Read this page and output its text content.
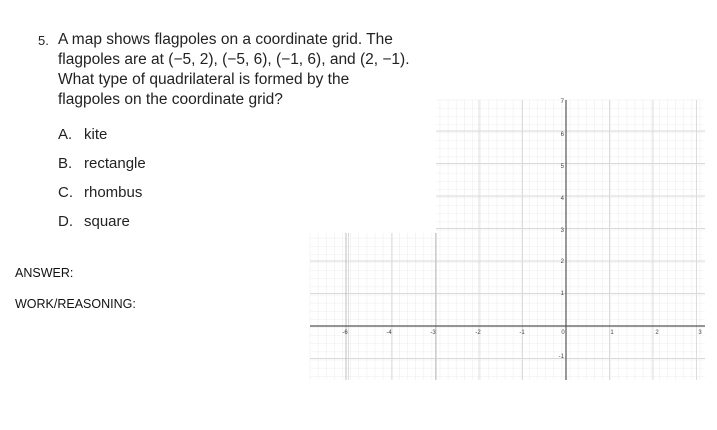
5. A map shows flagpoles on a coordinate grid. The
flagpoles are at (−5, 2), (−5, 6), (−1, 6), and (2, −1).
What type of quadrilateral is formed by the
flagpoles on the coordinate grid?
A. kite
B. rectangle
C. rhombus
D. square
ANSWER:
WORK/REASONING:
-6	-4	-3	-2	-1	0	1	2	3
7
6
5
4
3
2
1
-1
